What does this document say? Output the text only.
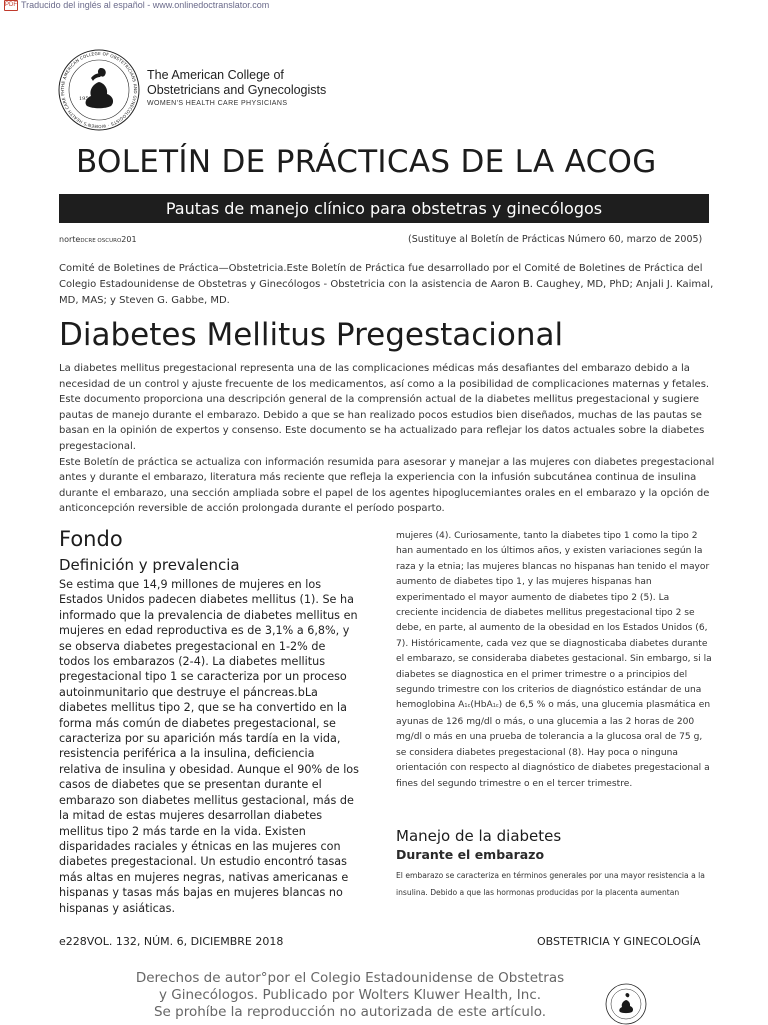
PDF Traducido del inglés al español - www.onlinedoctranslator.com
THE AMERICAN COLLEGE OF OBSTETRICIANS AND GYNECOLOGISTS · WOMEN'S HEALTH CARE PH
1951
The American College of
Obstetricians and Gynecologists
WOMEN'S HEALTH CARE PHYSICIANS
BOLETÍN DE PRÁCTICAS DE LA ACOG
Pautas de manejo clínico para obstetras y ginecólogos
norteDCRE OSCURO201	(Sustituye al Boletín de Prácticas Número 60, marzo de 2005)
Comité de Boletines de Práctica—Obstetricia.Este Boletín de Práctica fue desarrollado por el Comité de Boletines de Práctica del Colegio Estadounidense de Obstetras y Ginecólogos - Obstetricia con la asistencia de Aaron B. Caughey, MD, PhD; Anjali J. Kaimal, MD, MAS; y Steven G. Gabbe, MD.
Diabetes Mellitus Pregestacional

La diabetes mellitus pregestacional representa una de las complicaciones médicas más desafiantes del embarazo debido a la necesidad de un control y ajuste frecuente de los medicamentos, así como a la posibilidad de complicaciones maternas y fetales. Este documento proporciona una descripción general de la comprensión actual de la diabetes mellitus pregestacional y sugiere pautas de manejo durante el embarazo. Debido a que se han realizado pocos estudios bien diseñados, muchas de las pautas se basan en la opinión de expertos y consenso. Este documento se ha actualizado para reflejar los datos actuales sobre la diabetes pregestacional.

Este Boletín de práctica se actualiza con información resumida para asesorar y manejar a las mujeres con diabetes pregestacional antes y durante el embarazo, literatura más reciente que refleja la experiencia con la infusión subcutánea continua de insulina durante el embarazo, una sección ampliada sobre el papel de los agentes hipoglucemiantes orales en el embarazo y la opción de anticoncepción reversible de acción prolongada durante el período posparto.

Fondo
Definición y prevalencia
Se estima que 14,9 millones de mujeres en los Estados Unidos padecen diabetes mellitus (1). Se ha informado que la prevalencia de diabetes mellitus en mujeres en edad reproductiva es de 3,1% a 6,8%, y se observa diabetes pregestacional en 1-2% de todos los embarazos (2-4). La diabetes mellitus pregestacional tipo 1 se caracteriza por un proceso autoinmunitario que destruye el páncreas.bLa diabetes mellitus tipo 2, que se ha convertido en la forma más común de diabetes pregestacional, se caracteriza por su aparición más tardía en la vida, resistencia periférica a la insulina, deficiencia relativa de insulina y obesidad. Aunque el 90% de los casos de diabetes que se presentan durante el embarazo son diabetes mellitus gestacional, más de la mitad de estas mujeres desarrollan diabetes mellitus tipo 2 más tarde en la vida. Existen disparidades raciales y étnicas en las mujeres con diabetes pregestacional. Un estudio encontró tasas más altas en mujeres negras, nativas americanas e hispanas y tasas más bajas en mujeres blancas no hispanas y asiáticas.
mujeres (4). Curiosamente, tanto la diabetes tipo 1 como la tipo 2 han aumentado en los últimos años, y existen variaciones según la raza y la etnia; las mujeres blancas no hispanas han tenido el mayor aumento de diabetes tipo 1, y las mujeres hispanas han experimentado el mayor aumento de diabetes tipo 2 (5). La creciente incidencia de diabetes mellitus pregestacional tipo 2 se debe, en parte, al aumento de la obesidad en los Estados Unidos (6, 7). Históricamente, cada vez que se diagnosticaba diabetes durante el embarazo, se consideraba diabetes gestacional. Sin embargo, si la diabetes se diagnostica en el primer trimestre o a principios del segundo trimestre con los criterios de diagnóstico estándar de una hemoglobina A1c(HbA1c) de 6,5 % o más, una glucemia plasmática en ayunas de 126 mg/dl o más, o una glucemia a las 2 horas de 200 mg/dl o más en una prueba de tolerancia a la glucosa oral de 75 g, se considera diabetes pregestacional (8). Hay poca o ninguna orientación con respecto al diagnóstico de diabetes pregestacional a fines del segundo trimestre o en el tercer trimestre.
Manejo de la diabetes
Durante el embarazo
El embarazo se caracteriza en términos generales por una mayor resistencia a la insulina. Debido a que las hormonas producidas por la placenta aumentan
e228VOL. 132, NÚM. 6, DICIEMBRE 2018	OBSTETRICIA Y GINECOLOGÍA
Derechos de autor°por el Colegio Estadounidense de Obstetras
y Ginecólogos. Publicado por Wolters Kluwer Health, Inc.
Se prohíbe la reproducción no autorizada de este artículo.
